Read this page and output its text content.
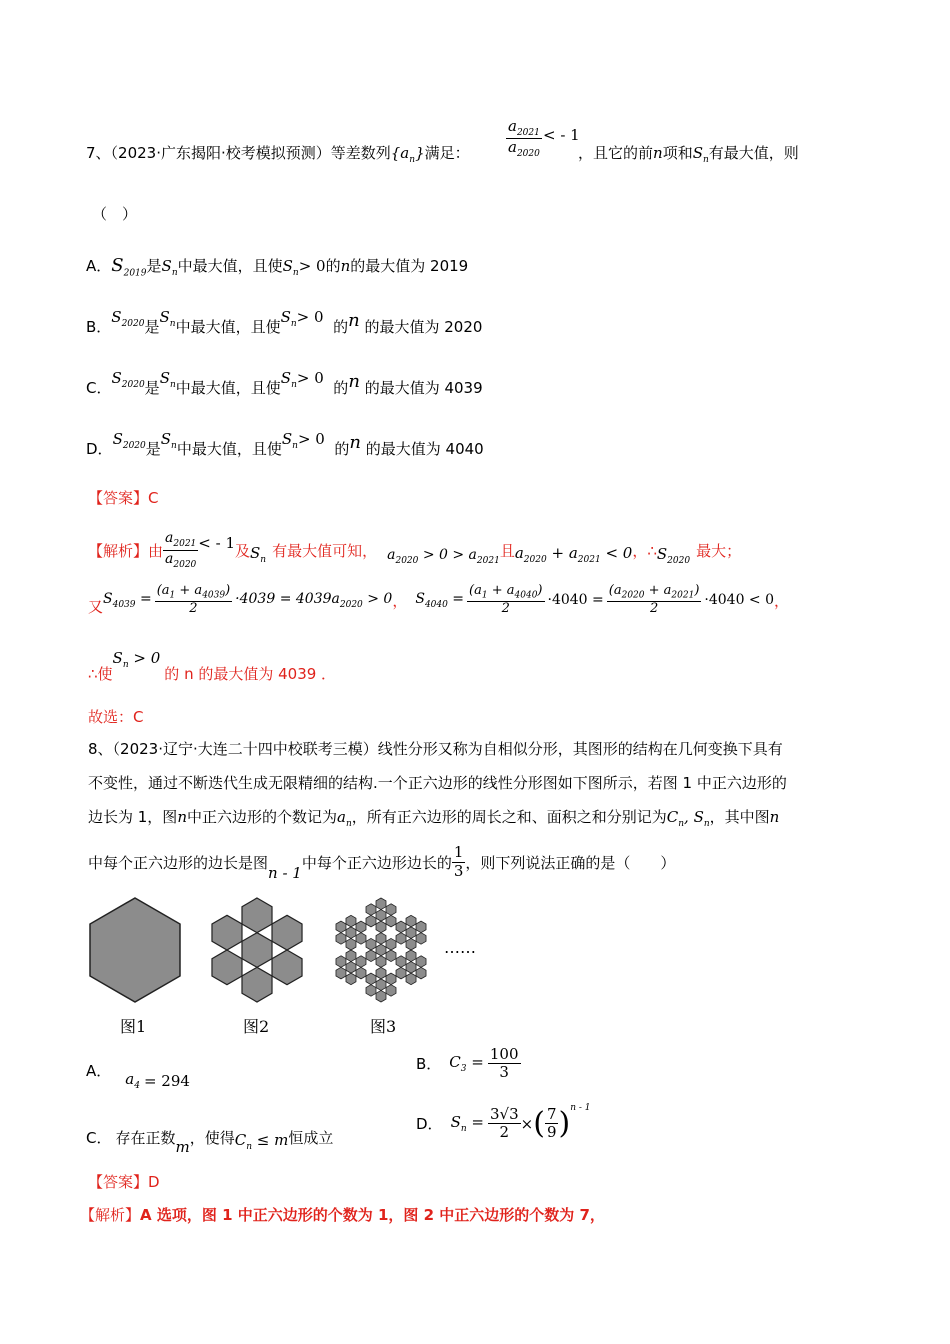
7、（2023·广东揭阳·校考模拟预测）等差数列$\{a_n\}$满足： $\frac{a_{2021}}{a_{2020}}$ < - 1
，且它的前n项和$S_n$有最大值，则
（　）
A．$S_{2019}$是$S_n$中最大值，且使$S_n> 0$的n的最大值为 2019
B．$S_{2020}$是$S_n$中最大值，且使$S_n> 0$  的n 的最大值为 2020
C．$S_{2020}$是$S_n$中最大值，且使$S_n> 0$  的n 的最大值为 4039
D．$S_{2020}$是$S_n$中最大值，且使$S_n> 0$  的n 的最大值为 4040
【答案】C
【解析】由 $\frac{a_{2021}}{a_{2020}}$ < - 1 及 $S_n$ 有最大值可知， $a_{2020} > 0 > a_{2021}$
且 $a_{2020} + a_{2021} < 0$ ，∴ $S_{2020}$
最大；
又 $S_{4039} = \frac{(a_1 + a_{4039})}{2} \cdot 4039 = 4039a_{2020} > 0$ ， $S_{4040} = \frac{(a_1 + a_{4040})}{2} \cdot 4040 = \frac{(a_{2020} + a_{2021})}{2} \cdot 4040 < 0$ ，
∴使
$S_n > 0$
的 n 的最大值为 4039 ．
故选：C
8、（2023·辽宁·大连二十四中校联考三模）线性分形又称为自相似分形，其图形的结构在几何变换下具有
不变性，通过不断迭代生成无限精细的结构.一个正六边形的线性分形图如下图所示，若图 1 中正六边形的
边长为 1，图n中正六边形的个数记为$a_n$，所有正六边形的周长之和、面积之和分别记为$C_n$, $S_n$，其中图n
中每个正六边形的边长是图
n - 1
中每个正六边形边长的 $\frac{1}{3}$ ，则下列说法正确的是（　　）
……
图1	图2	图3
A． $a_4 = 294$
B． $C_3 = \frac{100}{3}$
C． 存在正数
m
，使得 $C_n \le m$ 恒成立
D． $S_n = \frac{3√3}{2}$ × ( $\frac{7}{9}$ ) n - 1
【答案】D
【解析】A 选项，图 1 中正六边形的个数为 1，图 2 中正六边形的个数为 7，
